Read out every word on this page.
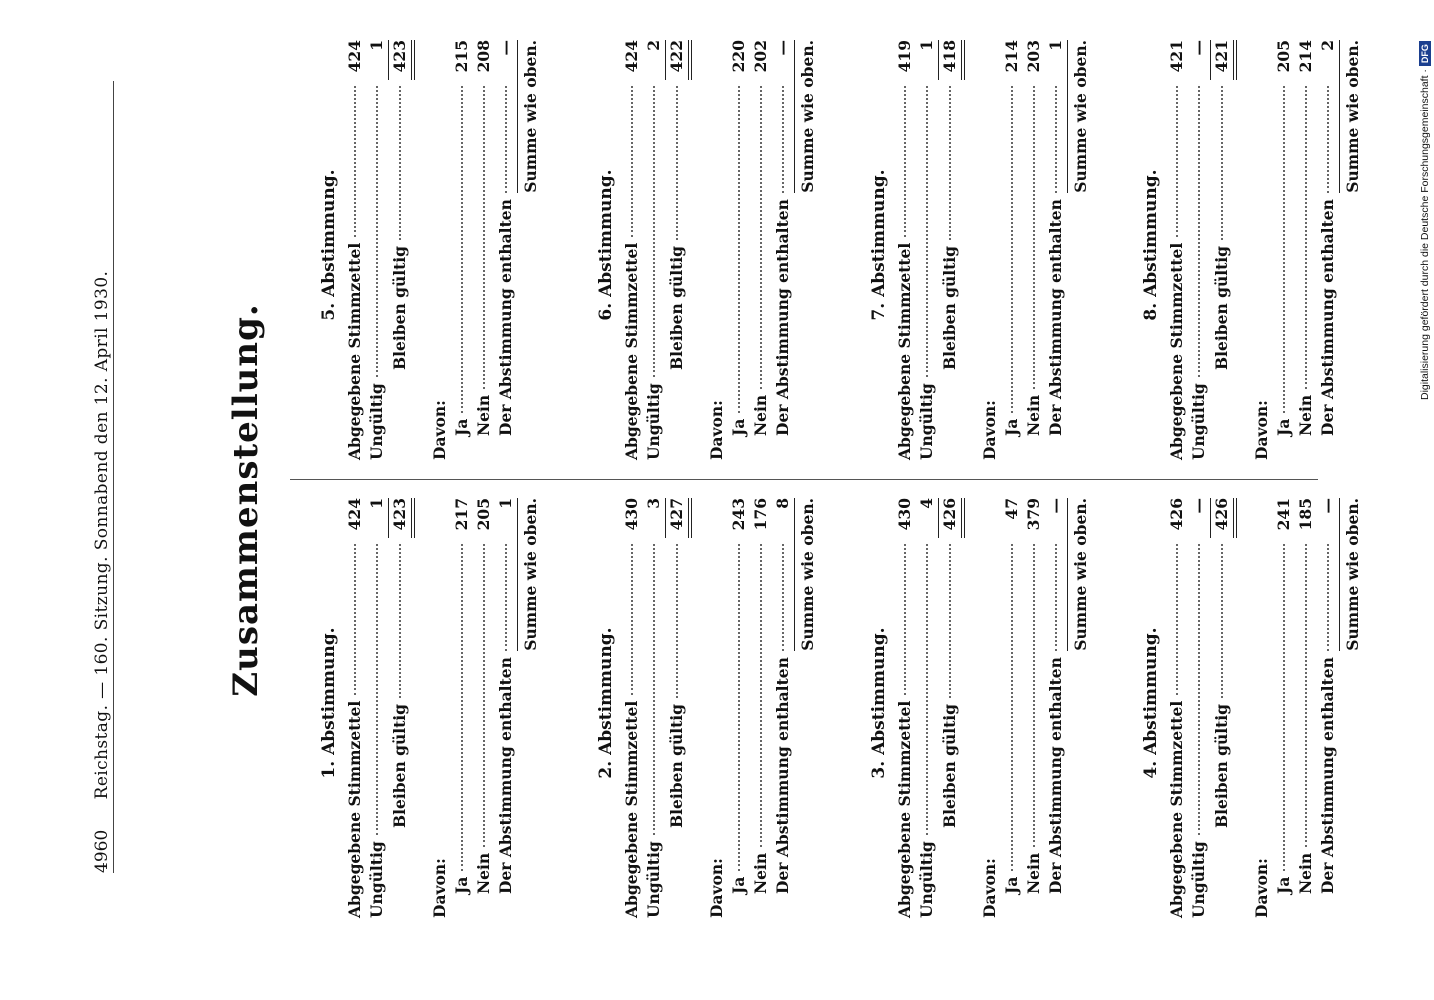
4960
Reichstag. — 160. Sitzung. Sonnabend den 12. April 1930.	Zusammenstellung.
1. Abstimmung. Abgegebene Stimmzettel
424
Ungültig
1
Bleiben gültig
423
Davon: Ja
217
Nein
205
Der Abstimmung enthalten
1 Summe wie oben.
2. Abstimmung. Abgegebene Stimmzettel
430
Ungültig
3
Bleiben gültig
427
Davon: Ja
243
Nein
176
Der Abstimmung enthalten
8 Summe wie oben.
3. Abstimmung. Abgegebene Stimmzettel
430
Ungültig
4
Bleiben gültig
426
Davon: Ja
47
Nein
379
Der Abstimmung enthalten
— Summe wie oben.
4. Abstimmung. Abgegebene Stimmzettel
426
Ungültig
—
Bleiben gültig
426
Davon: Ja
241
Nein
185
Der Abstimmung enthalten
— Summe wie oben.
5. Abstimmung. Abgegebene Stimmzettel
424
Ungültig
1
Bleiben gültig
423
Davon: Ja
215
Nein
208
Der Abstimmung enthalten
— Summe wie oben.
6. Abstimmung. Abgegebene Stimmzettel
424
Ungültig
2
Bleiben gültig
422
Davon: Ja
220
Nein
202
Der Abstimmung enthalten
— Summe wie oben.
7. Abstimmung. Abgegebene Stimmzettel
419
Ungültig
1
Bleiben gültig
418
Davon: Ja
214
Nein
203
Der Abstimmung enthalten
1 Summe wie oben.
8. Abstimmung. Abgegebene Stimmzettel
421
Ungültig
—
Bleiben gültig
421
Davon: Ja
205
Nein
214
Der Abstimmung enthalten
2 Summe wie oben.	Digitalisierung gefördert durch die Deutsche Forschungsgemeinschaft ·DFG
